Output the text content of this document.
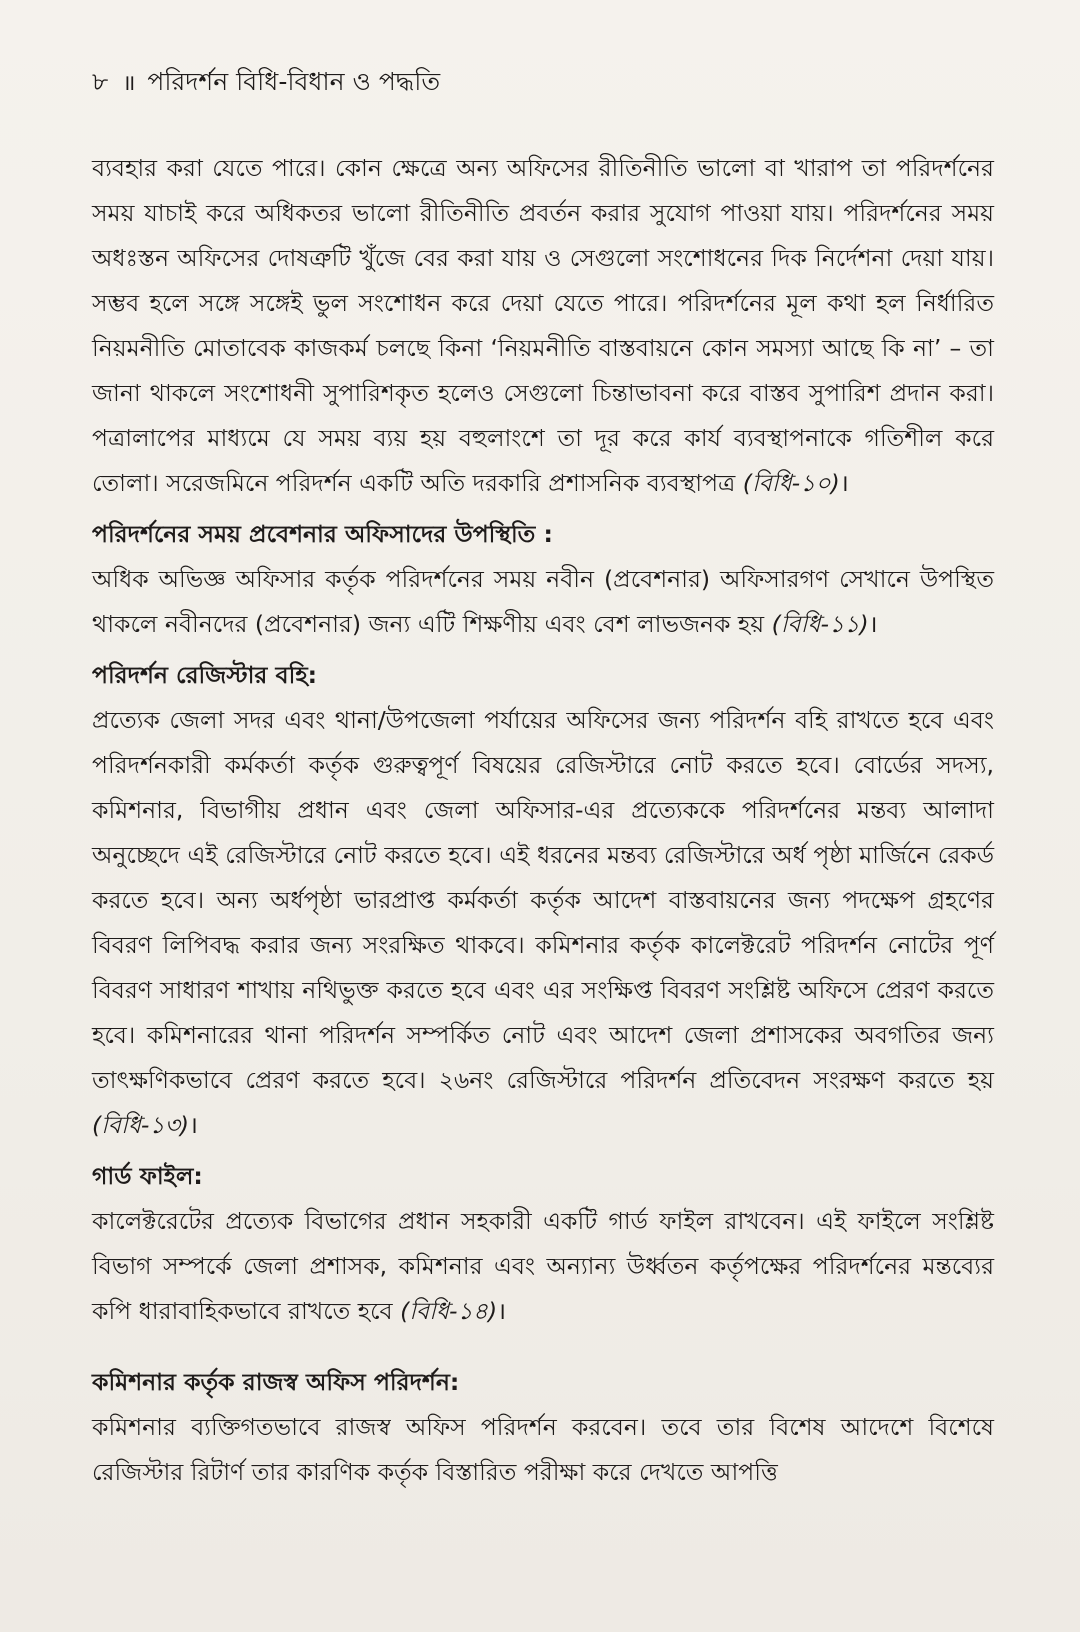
৮ ॥ পরিদর্শন বিধি-বিধান ও পদ্ধতি

ব্যবহার করা যেতে পারে। কোন ক্ষেত্রে অন্য অফিসের রীতিনীতি ভালো বা খারাপ তা পরিদর্শনের সময় যাচাই করে অধিকতর ভালো রীতিনীতি প্রবর্তন করার সুযোগ পাওয়া যায়। পরিদর্শনের সময় অধঃস্তন অফিসের দোষত্রুটি খুঁজে বের করা যায় ও সেগুলো সংশোধনের দিক নির্দেশনা দেয়া যায়। সম্ভব হলে সঙ্গে সঙ্গেই ভুল সংশোধন করে দেয়া যেতে পারে। পরিদর্শনের মূল কথা হল নির্ধারিত নিয়মনীতি মোতাবেক কাজকর্ম চলছে কিনা ‘নিয়মনীতি বাস্তবায়নে কোন সমস্যা আছে কি না’ – তা জানা থাকলে সংশোধনী সুপারিশকৃত হলেও সেগুলো চিন্তাভাবনা করে বাস্তব সুপারিশ প্রদান করা। পত্রালাপের মাধ্যমে যে সময় ব্যয় হয় বহুলাংশে তা দূর করে কার্য ব্যবস্থাপনাকে গতিশীল করে তোলা। সরেজমিনে পরিদর্শন একটি অতি দরকারি প্রশাসনিক ব্যবস্থাপত্র (বিধি-১০)।

পরিদর্শনের সময় প্রবেশনার অফিসাদের উপস্থিতি :

অধিক অভিজ্ঞ অফিসার কর্তৃক পরিদর্শনের সময় নবীন (প্রবেশনার) অফিসারগণ সেখানে উপস্থিত থাকলে নবীনদের (প্রবেশনার) জন্য এটি শিক্ষণীয় এবং বেশ লাভজনক হয় (বিধি-১১)।

পরিদর্শন রেজিস্টার বহি:

প্রত্যেক জেলা সদর এবং থানা/উপজেলা পর্যায়ের অফিসের জন্য পরিদর্শন বহি রাখতে হবে এবং পরিদর্শনকারী কর্মকর্তা কর্তৃক গুরুত্বপূর্ণ বিষয়ের রেজিস্টারে নোট করতে হবে। বোর্ডের সদস্য, কমিশনার, বিভাগীয় প্রধান এবং জেলা অফিসার-এর প্রত্যেককে পরিদর্শনের মন্তব্য আলাদা অনুচ্ছেদে এই রেজিস্টারে নোট করতে হবে। এই ধরনের মন্তব্য রেজিস্টারে অর্ধ পৃষ্ঠা মার্জিনে রেকর্ড করতে হবে। অন্য অর্ধপৃষ্ঠা ভারপ্রাপ্ত কর্মকর্তা কর্তৃক আদেশ বাস্তবায়নের জন্য পদক্ষেপ গ্রহণের বিবরণ লিপিবদ্ধ করার জন্য সংরক্ষিত থাকবে। কমিশনার কর্তৃক কালেক্টরেট পরিদর্শন নোটের পূর্ণ বিবরণ সাধারণ শাখায় নথিভুক্ত করতে হবে এবং এর সংক্ষিপ্ত বিবরণ সংশ্লিষ্ট অফিসে প্রেরণ করতে হবে। কমিশনারের থানা পরিদর্শন সম্পর্কিত নোট এবং আদেশ জেলা প্রশাসকের অবগতির জন্য তাৎক্ষণিকভাবে প্রেরণ করতে হবে। ২৬নং রেজিস্টারে পরিদর্শন প্রতিবেদন সংরক্ষণ করতে হয় (বিধি-১৩)।

গার্ড ফাইল:

কালেক্টরেটের প্রত্যেক বিভাগের প্রধান সহকারী একটি গার্ড ফাইল রাখবেন। এই ফাইলে সংশ্লিষ্ট বিভাগ সম্পর্কে জেলা প্রশাসক, কমিশনার এবং অন্যান্য উর্ধ্বতন কর্তৃপক্ষের পরিদর্শনের মন্তব্যের কপি ধারাবাহিকভাবে রাখতে হবে (বিধি-১৪)।

কমিশনার কর্তৃক রাজস্ব অফিস পরিদর্শন:

কমিশনার ব্যক্তিগতভাবে রাজস্ব অফিস পরিদর্শন করবেন। তবে তার বিশেষ আদেশে বিশেষে রেজিস্টার রিটার্ণ তার কারণিক কর্তৃক বিস্তারিত পরীক্ষা করে দেখতে আপত্তি
